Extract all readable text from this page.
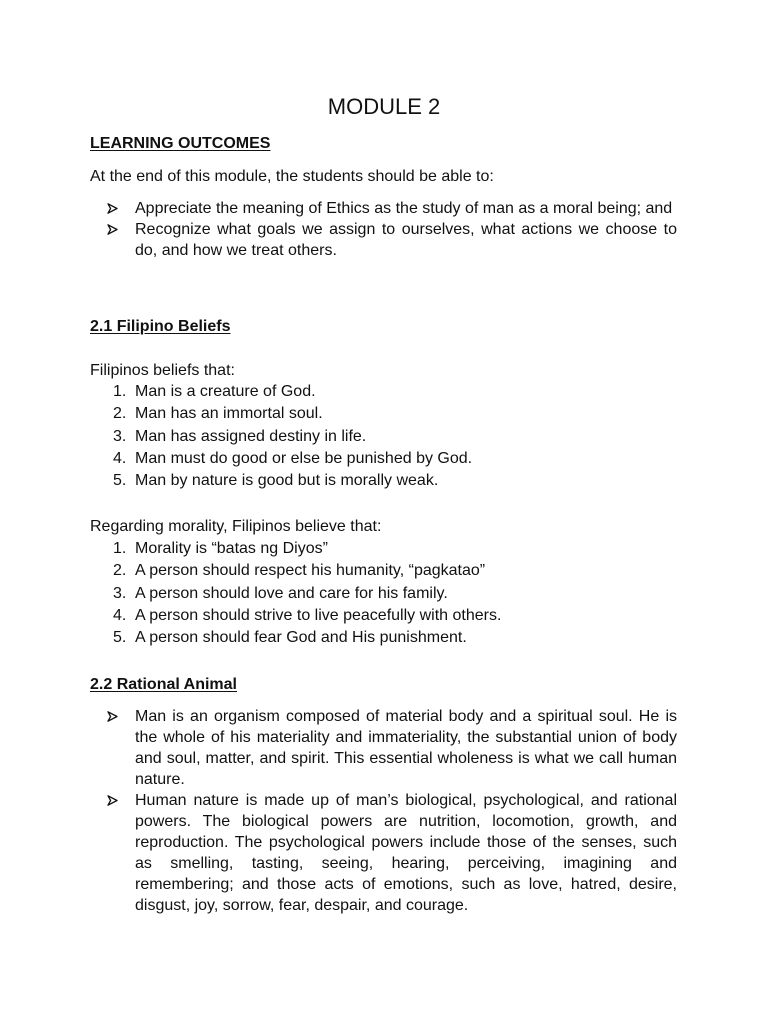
MODULE 2
LEARNING OUTCOMES

At the end of this module, the students should be able to:

Appreciate the meaning of Ethics as the study of man as a moral being; and
Recognize what goals we assign to ourselves, what actions we choose to do, and how we treat others.
2.1 Filipino Beliefs

Filipinos beliefs that:

1. Man is a creature of God.
2. Man has an immortal soul.
3. Man has assigned destiny in life.
4. Man must do good or else be punished by God.
5. Man by nature is good but is morally weak.

Regarding morality, Filipinos believe that:

1. Morality is “batas ng Diyos”
2. A person should respect his humanity, “pagkatao”
3. A person should love and care for his family.
4. A person should strive to live peacefully with others.
5. A person should fear God and His punishment.
2.2 Rational Animal
Man is an organism composed of material body and a spiritual soul. He is the whole of his materiality and immateriality, the substantial union of body and soul, matter, and spirit. This essential wholeness is what we call human nature.
Human nature is made up of man’s biological, psychological, and rational powers. The biological powers are nutrition, locomotion, growth, and reproduction. The psychological powers include those of the senses, such as smelling, tasting, seeing, hearing, perceiving, imagining and remembering; and those acts of emotions, such as love, hatred, desire, disgust, joy, sorrow, fear, despair, and courage.
